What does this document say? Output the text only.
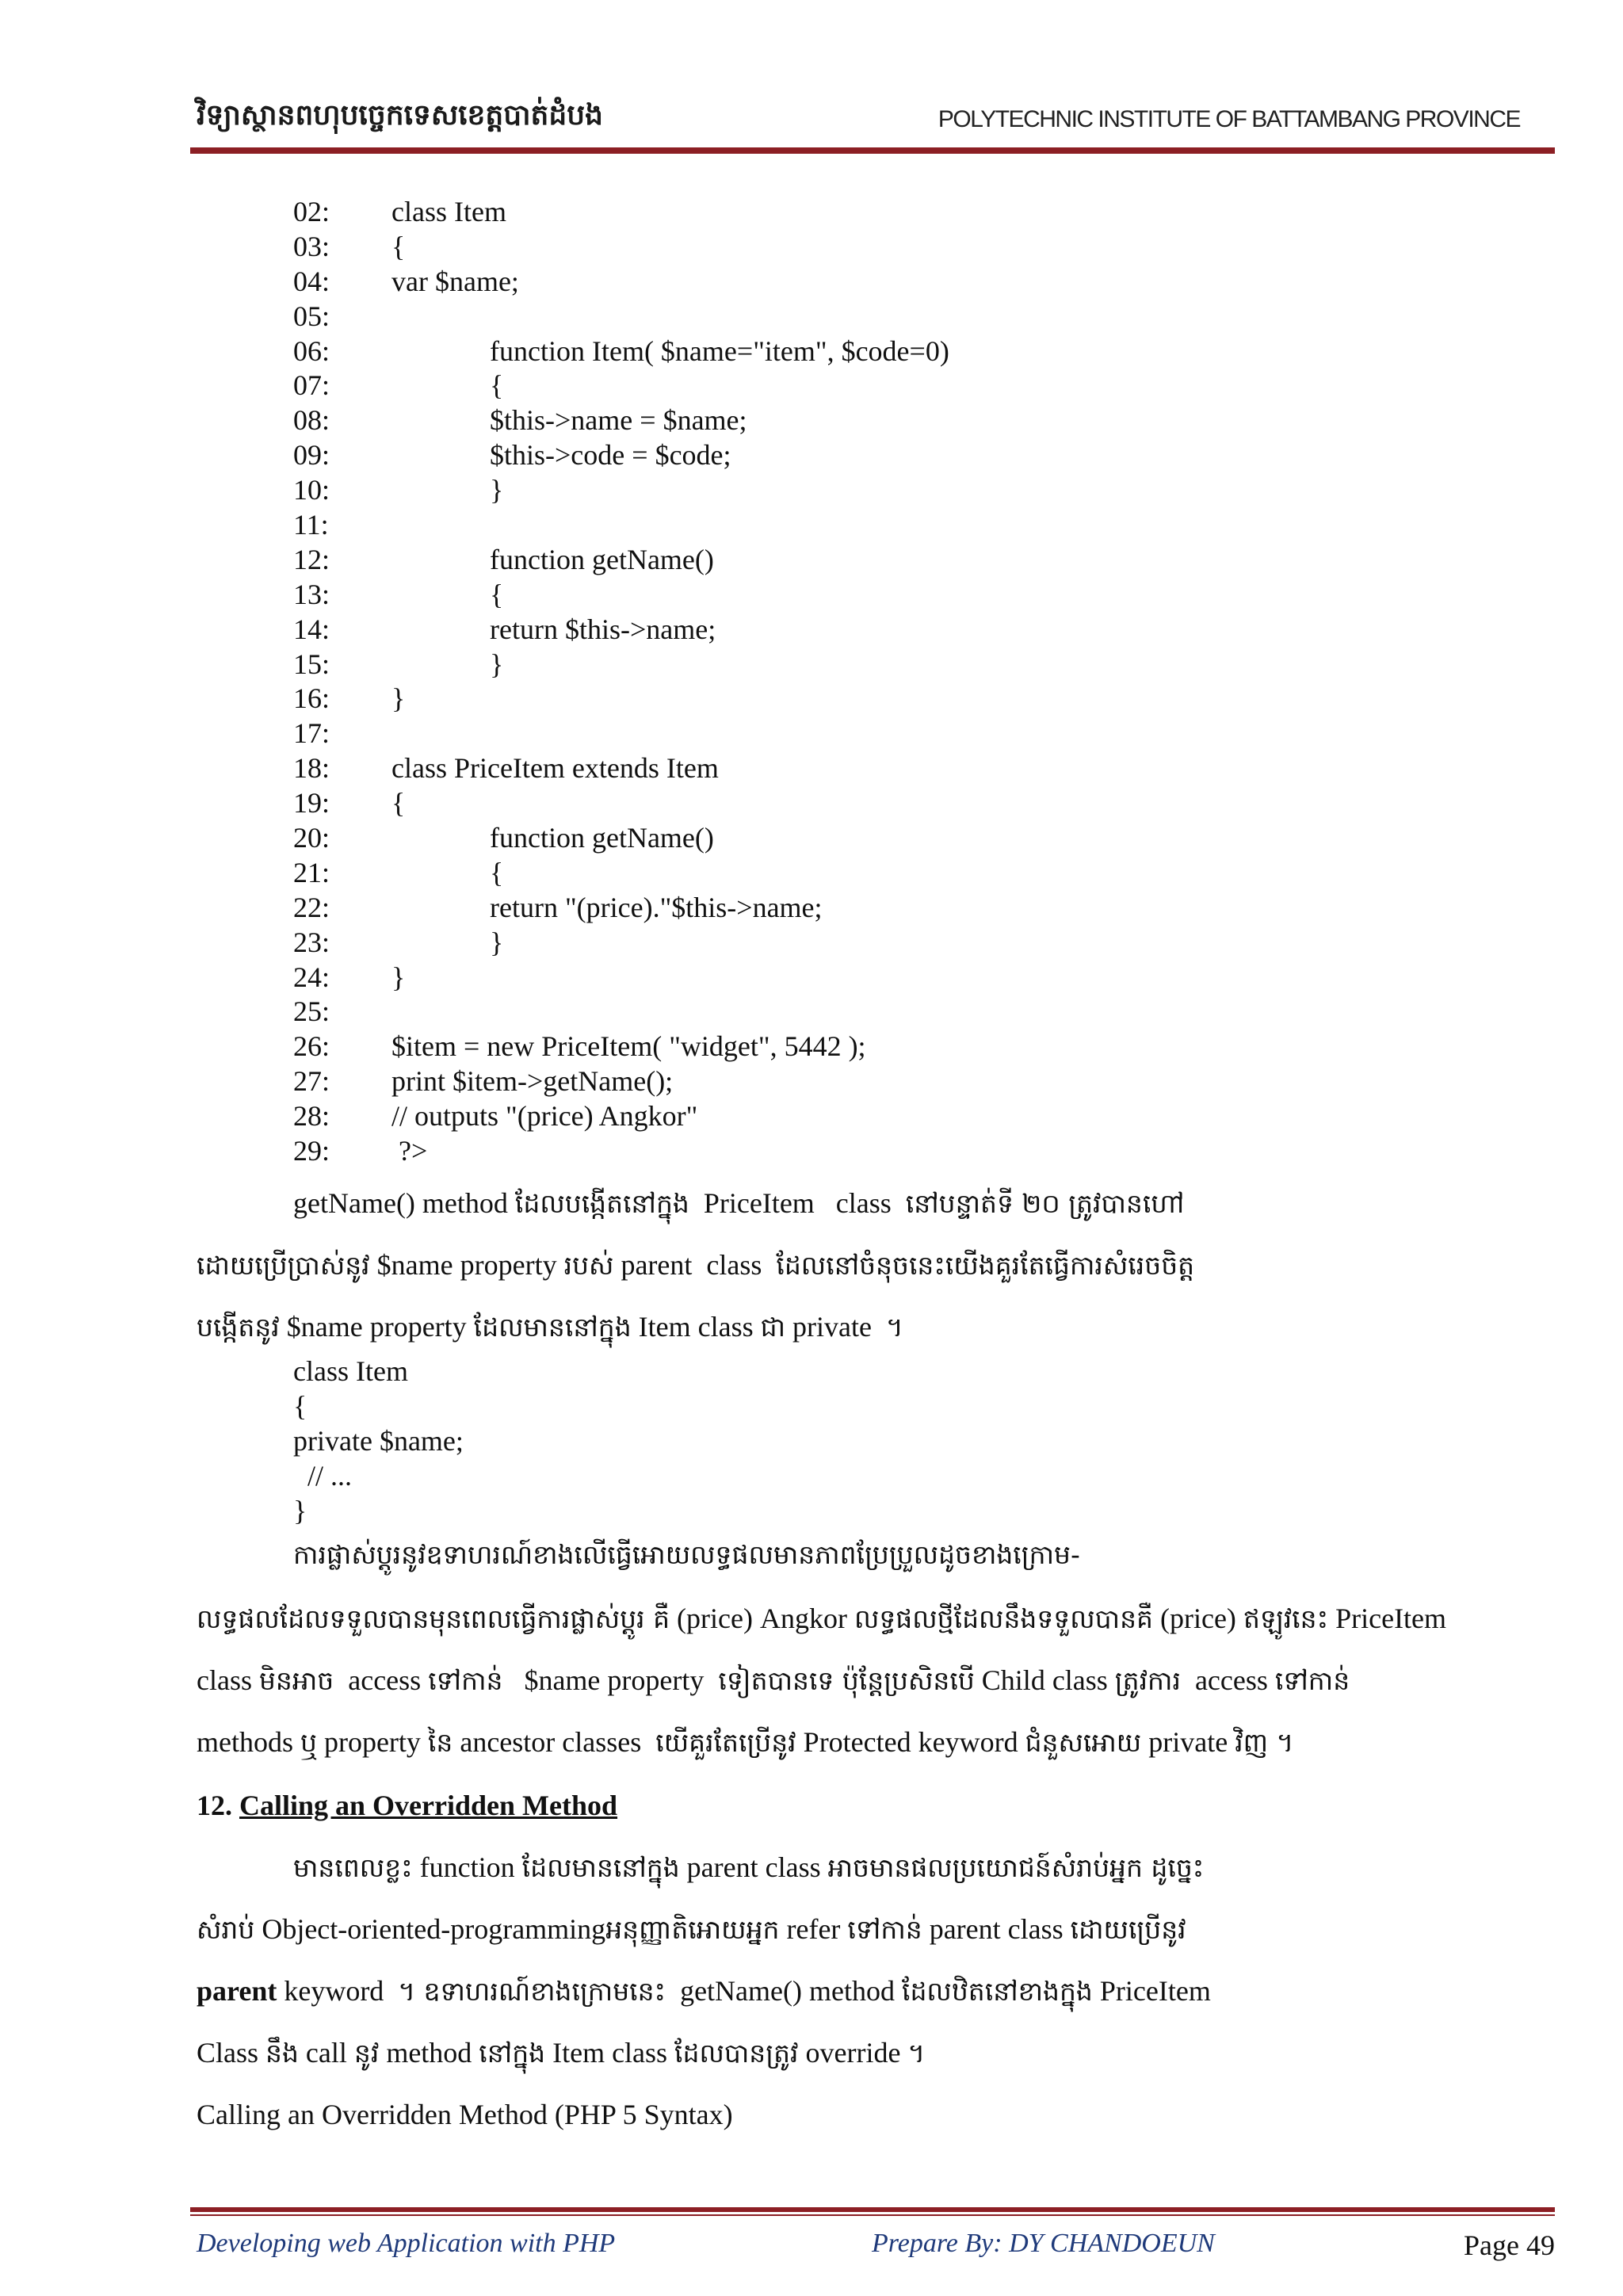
វិទ្យាស្ថានពហុបច្ចេកទេសខេត្តបាត់ដំបង	POLYTECHNIC INSTITUTE OF BATTAMBANG PROVINCE
02: class Item
03: {
04: var $name;
05:
06:	function Item( $name="item", $code=0)
07:	{
08:	$this->name = $name;
09:	$this->code = $code;
10:	}
11:
12:	function getName()
13:	{
14:	return $this->name;
15:	}
16: }
17:
18: class PriceItem extends Item
19: {
20:	function getName()
21:	{
22:	return "(price)."$this->name;
23:	}
24: }
25:
26: $item = new PriceItem( "widget", 5442 );
27: print $item->getName();
28: // outputs "(price) Angkor"
29: ?>
getName() method ដែលបង្កើតនៅក្នុង  PriceItem   class  នៅបន្ទាត់ទី ២០ ត្រូវបានហៅ
ដោយប្រើប្រាស់នូវ $name property របស់ parent  class  ដែលនៅចំនុចនេះយើងគួរតែធ្វើការសំរេចចិត្ត
បង្កើតនូវ $name property ដែលមាននៅក្នុង Item class ជា private  ។
class Item
{
private $name;
// ...
}
ការផ្លាស់ប្តូរនូវឧទាហរណ៍ខាងលើធ្វើអោយលទ្ធផលមានភាពប្រែប្រួលដូចខាងក្រោម-
លទ្ធផលដែលទទួលបានមុនពេលធ្វើការផ្លាស់ប្តូរ គឺ (price) Angkor លទ្ធផលថ្មីដែលនឹងទទួលបានគឺ (price) ឥឡូវនេះ PriceItem
class មិនអាច  access ទៅកាន់   $name property  ទៀតបានទេ ប៉ុន្តែប្រសិនបើ Child class ត្រូវការ  access ទៅកាន់
methods ឬ property នៃ ancestor classes  យើគួរតែប្រើនូវ Protected keyword ជំនួសអោយ private វិញ ។
12. Calling an Overridden Method
មានពេលខ្លះ function ដែលមាននៅក្នុង parent class អាចមានផលប្រយោជន៍សំរាប់អ្នក ដូច្នេះ
សំរាប់ Object-oriented-programmingអនុញ្ញាតិអោយអ្នក refer ទៅកាន់ parent class ដោយប្រើនូវ
parent keyword  ។ ឧទាហរណ៍ខាងក្រោមនេះ  getName() method ដែលឋិតនៅខាងក្នុង PriceItem
Class នឹង call នូវ method នៅក្នុង Item class ដែលបានត្រូវ override ។
Calling an Overridden Method (PHP 5 Syntax)
Developing web Application with PHP	Prepare By: DY CHANDOEUN	Page 49
